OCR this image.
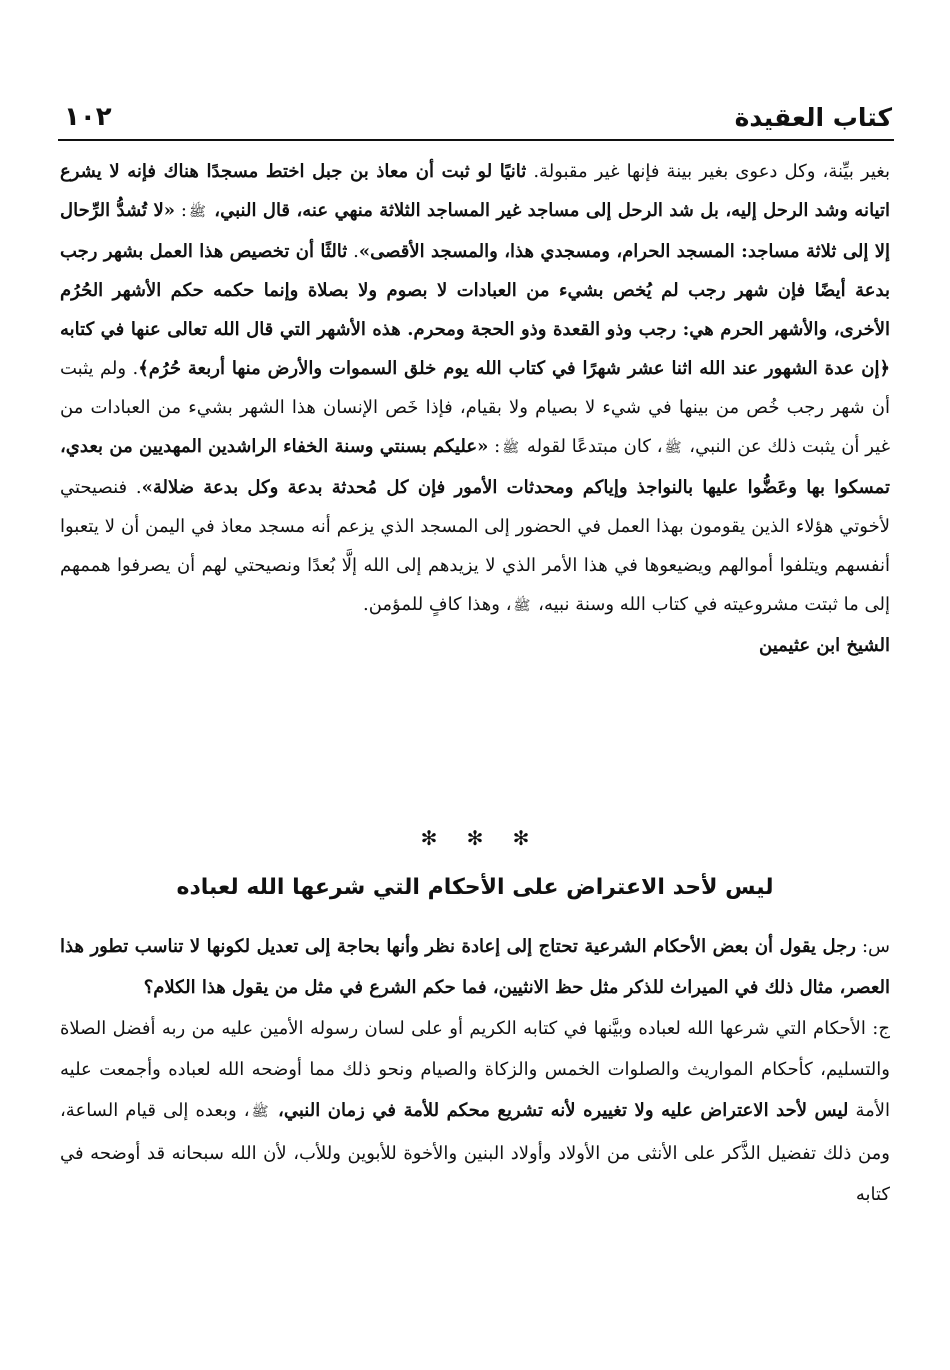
كتاب العقيدة
١٠٢

بغير بيِّنة، وكل دعوى بغير بينة فإنها غير مقبولة. ثانيًا لو ثبت أن معاذ بن جبل اختط مسجدًا هناك فإنه لا يشرع اتيانه وشد الرحل إليه، بل شد الرحل إلى مساجد غير المساجد الثلاثة منهي عنه، قال النبي، ﷺ: «لا تُشدُّ الرِّحال إلا إلى ثلاثة مساجد: المسجد الحرام، ومسجدي هذا، والمسجد الأقصى». ثالثًا أن تخصيص هذا العمل بشهر رجب بدعة أيضًا فإن شهر رجب لم يُخص بشيء من العبادات لا بصوم ولا بصلاة وإنما حكمه حكم الأشهر الحُرُم الأخرى، والأشهر الحرم هي: رجب وذو القعدة وذو الحجة ومحرم. هذه الأشهر التي قال الله تعالى عنها في كتابه ﴿إن عدة الشهور عند الله اثنا عشر شهرًا في كتاب الله يوم خلق السموات والأرض منها أربعة حُرُم﴾. ولم يثبت أن شهر رجب خُص من بينها في شيء لا بصيام ولا بقيام، فإذا خَص الإنسان هذا الشهر بشيء من العبادات من غير أن يثبت ذلك عن النبي، ﷺ، كان مبتدعًا لقوله ﷺ: «عليكم بسنتي وسنة الخفاء الراشدين المهديين من بعدي، تمسكوا بها وعَضُّوا عليها بالنواجذ وإياكم ومحدثات الأمور فإن كل مُحدثة بدعة وكل بدعة ضلالة». فنصيحتي لأخوتي هؤلاء الذين يقومون بهذا العمل في الحضور إلى المسجد الذي يزعم أنه مسجد معاذ في اليمن أن لا يتعبوا أنفسهم ويتلفوا أموالهم ويضيعوها في هذا الأمر الذي لا يزيدهم إلى الله إلَّا بُعدًا ونصيحتي لهم أن يصرفوا هممهم إلى ما ثبتت مشروعيته في كتاب الله وسنة نبيه، ﷺ، وهذا كافٍ للمؤمن.

الشيخ ابن عثيمين

✻ ✻ ✻
ليس لأحد الاعتراض على الأحكام التي شرعها الله لعباده

س: رجل يقول أن بعض الأحكام الشرعية تحتاج إلى إعادة نظر وأنها بحاجة إلى تعديل لكونها لا تناسب تطور هذا العصر، مثال ذلك في الميراث للذكر مثل حظ الانثيين، فما حكم الشرع في مثل من يقول هذا الكلام؟

ج: الأحكام التي شرعها الله لعباده وبيَّنها في كتابه الكريم أو على لسان رسوله الأمين عليه من ربه أفضل الصلاة والتسليم، كأحكام المواريث والصلوات الخمس والزكاة والصيام ونحو ذلك مما أوضحه الله لعباده وأجمعت عليه الأمة ليس لأحد الاعتراض عليه ولا تغييره لأنه تشريع محكم للأمة في زمان النبي، ﷺ، وبعده إلى قيام الساعة، ومن ذلك تفضيل الذَّكر على الأنثى من الأولاد وأولاد البنين والأخوة للأبوين وللأب، لأن الله سبحانه قد أوضحه في كتابه
